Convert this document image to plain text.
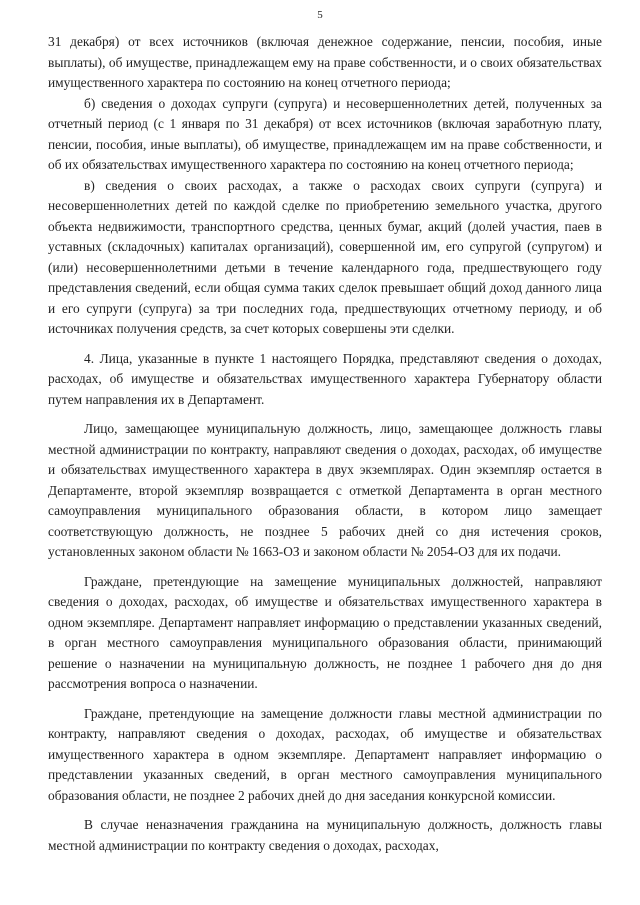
5

31 декабря) от всех источников (включая денежное содержание, пенсии, пособия, иные выплаты), об имуществе, принадлежащем ему на праве собственности, и о своих обязательствах имущественного характера по состоянию на конец отчетного периода;

б) сведения о доходах супруги (супруга) и несовершеннолетних детей, полученных за отчетный период (с 1 января по 31 декабря) от всех источников (включая заработную плату, пенсии, пособия, иные выплаты), об имуществе, принадлежащем им на праве собственности, и об их обязательствах имущественного характера по состоянию на конец отчетного периода;

в) сведения о своих расходах, а также о расходах своих супруги (супруга) и несовершеннолетних детей по каждой сделке по приобретению земельного участка, другого объекта недвижимости, транспортного средства, ценных бумаг, акций (долей участия, паев в уставных (складочных) капиталах организаций), совершенной им, его супругой (супругом) и (или) несовершеннолетними детьми в течение календарного года, предшествующего году представления сведений, если общая сумма таких сделок превышает общий доход данного лица и его супруги (супруга) за три последних года, предшествующих отчетному периоду, и об источниках получения средств, за счет которых совершены эти сделки.

4. Лица, указанные в пункте 1 настоящего Порядка, представляют сведения о доходах, расходах, об имуществе и обязательствах имущественного характера Губернатору области путем направления их в Департамент.

Лицо, замещающее муниципальную должность, лицо, замещающее должность главы местной администрации по контракту, направляют сведения о доходах, расходах, об имуществе и обязательствах имущественного характера в двух экземплярах. Один экземпляр остается в Департаменте, второй экземпляр возвращается с отметкой Департамента в орган местного самоуправления муниципального образования области, в котором лицо замещает соответствующую должность, не позднее 5 рабочих дней со дня истечения сроков, установленных законом области № 1663-ОЗ и законом области № 2054-ОЗ для их подачи.

Граждане, претендующие на замещение муниципальных должностей, направляют сведения о доходах, расходах, об имуществе и обязательствах имущественного характера в одном экземпляре. Департамент направляет информацию о представлении указанных сведений, в орган местного самоуправления муниципального образования области, принимающий решение о назначении на муниципальную должность, не позднее 1 рабочего дня до дня рассмотрения вопроса о назначении.

Граждане, претендующие на замещение должности главы местной администрации по контракту, направляют сведения о доходах, расходах, об имуществе и обязательствах имущественного характера в одном экземпляре. Департамент направляет информацию о представлении указанных сведений, в орган местного самоуправления муниципального образования области, не позднее 2 рабочих дней до дня заседания конкурсной комиссии.

В случае неназначения гражданина на муниципальную должность, должность главы местной администрации по контракту сведения о доходах, расходах,
